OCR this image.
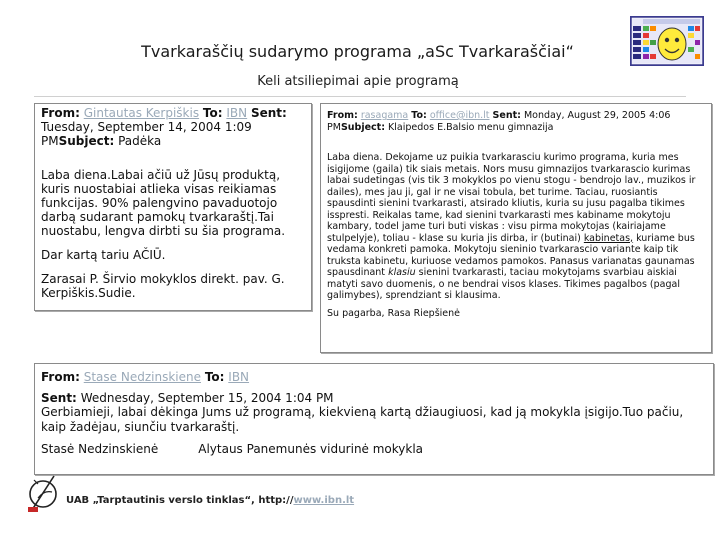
Tvarkaraščių sudarymo programa „aSc Tvarkaraščiai“
Keli atsiliepimai apie programą

From: Gintautas Kerpiškis To: IBN Sent: Tuesday, September 14, 2004 1:09 PMSubject: Padėka

Laba diena.Labai ačiū už Jūsų produktą, kuris nuostabiai atlieka visas reikiamas funkcijas. 90% palengvino pavaduotojo darbą sudarant pamokų tvarkaraštį.Tai nuostabu, lengva dirbti su šia programa.

Dar kartą tariu AČIŪ.

Zarasai P. Širvio mokyklos direkt. pav. G. Kerpiškis.Sudie.

From: rasagama To: office@ibn.lt Sent: Monday, August 29, 2005 4:06 PMSubject: Klaipedos E.Balsio menu gimnazija

Laba diena. Dekojame uz puikia tvarkarasciu kurimo programa, kuria mes isigijome (gaila) tik siais metais. Nors musu gimnazijos tvarkarascio kurimas labai sudetingas (vis tik 3 mokyklos po vienu stogu - bendrojo lav., muzikos ir dailes), mes jau ji, gal ir ne visai tobula, bet turime. Taciau, ruosiantis spausdinti sienini tvarkarasti, atsirado kliutis, kuria su jusu pagalba tikimes isspresti. Reikalas tame, kad sienini tvarkarasti mes kabiname mokytoju kambary, todel jame turi buti viskas : visu pirma mokytojas (kairiajame stulpelyje), toliau - klase su kuria jis dirba, ir (butinai) kabinetas, kuriame bus vedama konkreti pamoka. Mokytoju sieninio tvarkarascio variante kaip tik truksta kabinetu, kuriuose vedamos pamokos. Panasus varianatas gaunamas spausdinant klasiu sienini tvarkarasti, taciau mokytojams svarbiau aiskiai matyti savo duomenis, o ne bendrai visos klases. Tikimes pagalbos (pagal galimybes), sprendziant si klausima.

Su pagarba, Rasa Riepšienė

From: Stase Nedzinskiene To: IBN

Sent: Wednesday, September 15, 2004 1:04 PM

Gerbiamieji, labai dėkinga Jums už programą, kiekvieną kartą džiaugiuosi, kad ją mokykla įsigijo.Tuo pačiu, kaip žadėjau, siunčiu tvarkaraštį.

Stasė Nedzinskienė	Alytaus Panemunės vidurinė mokykla
UAB „Tarptautinis verslo tinklas“, http://www.ibn.lt
